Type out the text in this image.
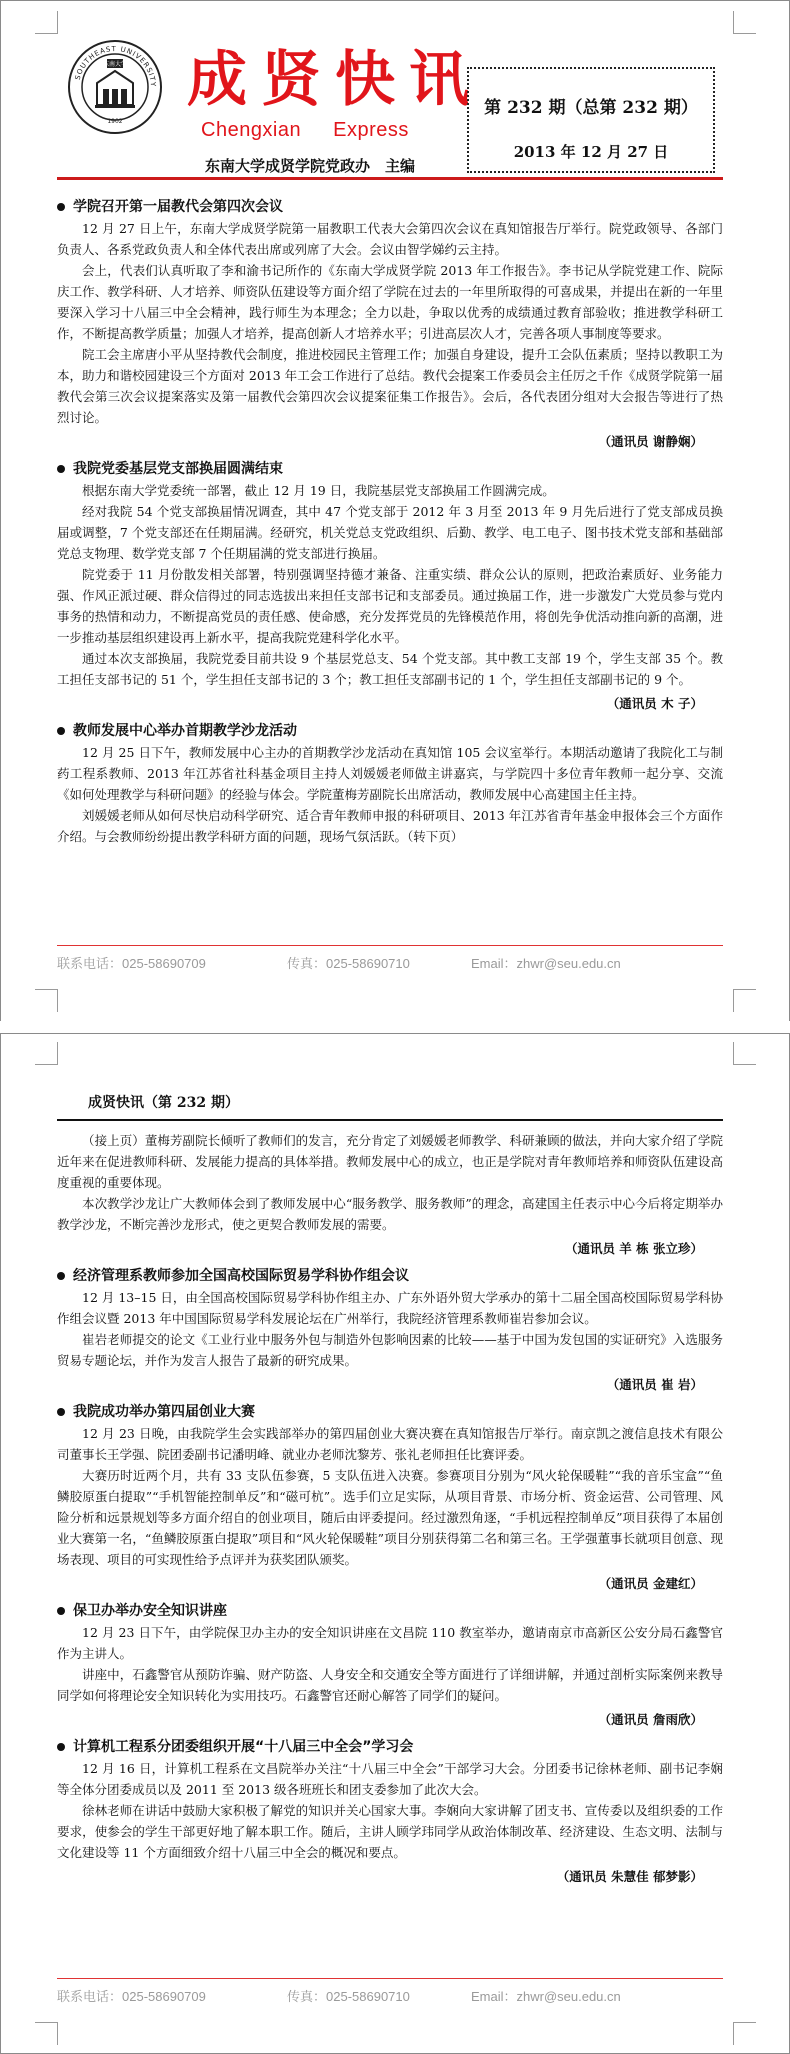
东南大学
SOUTHEAST UNIVERSITY
1902
成贤快讯
Chengxian Express
第 232 期（总第 232 期）
2013 年 12 月 27 日
东南大学成贤学院党政办　主编

学院召开第一届教代会第四次会议

12 月 27 日上午，东南大学成贤学院第一届教职工代表大会第四次会议在真知馆报告厅举行。院党政领导、各部门负责人、各系党政负责人和全体代表出席或列席了大会。会议由智学娣约云主持。

会上，代表们认真听取了李和渝书记所作的《东南大学成贤学院 2013 年工作报告》。李书记从学院党建工作、院际庆工作、教学科研、人才培养、师资队伍建设等方面介绍了学院在过去的一年里所取得的可喜成果，并提出在新的一年里要深入学习十八届三中全会精神，践行师生为本理念；全力以赴，争取以优秀的成绩通过教育部验收；推进教学科研工作，不断提高教学质量；加强人才培养，提高创新人才培养水平；引进高层次人才，完善各项人事制度等要求。

院工会主席唐小平从坚持教代会制度，推进校园民主管理工作；加强自身建设，提升工会队伍素质；坚持以教职工为本，助力和谐校园建设三个方面对 2013 年工会工作进行了总结。教代会提案工作委员会主任厉之千作《成贤学院第一届教代会第三次会议提案落实及第一届教代会第四次会议提案征集工作报告》。会后，各代表团分组对大会报告等进行了热烈讨论。

（通讯员 谢静娴）

我院党委基层党支部换届圆满结束

根据东南大学党委统一部署，截止 12 月 19 日，我院基层党支部换届工作圆满完成。

经对我院 54 个党支部换届情况调查，其中 47 个党支部于 2012 年 3 月至 2013 年 9 月先后进行了党支部成员换届或调整，7 个党支部还在任期届满。经研究，机关党总支党政组织、后勤、教学、电工电子、图书技术党支部和基础部党总支物理、数学党支部 7 个任期届满的党支部进行换届。

院党委于 11 月份散发相关部署，特别强调坚持德才兼备、注重实绩、群众公认的原则，把政治素质好、业务能力强、作风正派过硬、群众信得过的同志选拔出来担任支部书记和支部委员。通过换届工作，进一步激发广大党员参与党内事务的热情和动力，不断提高党员的责任感、使命感，充分发挥党员的先锋模范作用，将创先争优活动推向新的高潮，进一步推动基层组织建设再上新水平，提高我院党建科学化水平。

通过本次支部换届，我院党委目前共设 9 个基层党总支、54 个党支部。其中教工支部 19 个，学生支部 35 个。教工担任支部书记的 51 个，学生担任支部书记的 3 个；教工担任支部副书记的 1 个，学生担任支部副书记的 9 个。

（通讯员 木 子）

教师发展中心举办首期教学沙龙活动

12 月 25 日下午，教师发展中心主办的首期教学沙龙活动在真知馆 105 会议室举行。本期活动邀请了我院化工与制药工程系教师、2013 年江苏省社科基金项目主持人刘媛媛老师做主讲嘉宾，与学院四十多位青年教师一起分享、交流《如何处理教学与科研问题》的经验与体会。学院董梅芳副院长出席活动，教师发展中心高建国主任主持。

刘媛媛老师从如何尽快启动科学研究、适合青年教师申报的科研项目、2013 年江苏省青年基金申报体会三个方面作介绍。与会教师纷纷提出教学科研方面的问题，现场气氛活跃。（转下页）

联系电话：025-58690709	传真：025-58690710	Email：zhwr@seu.edu.cn

（接上页）董梅芳副院长倾听了教师们的发言，充分肯定了刘媛媛老师教学、科研兼顾的做法，并向大家介绍了学院近年来在促进教师科研、发展能力提高的具体举措。教师发展中心的成立，也正是学院对青年教师培养和师资队伍建设高度重视的重要体现。

本次教学沙龙让广大教师体会到了教师发展中心“服务教学、服务教师”的理念，高建国主任表示中心今后将定期举办教学沙龙，不断完善沙龙形式，使之更契合教师发展的需要。

（通讯员 羊 栋 张立珍）

经济管理系教师参加全国高校国际贸易学科协作组会议

12 月 13–15 日，由全国高校国际贸易学科协作组主办、广东外语外贸大学承办的第十二届全国高校国际贸易学科协作组会议暨 2013 年中国国际贸易学科发展论坛在广州举行，我院经济管理系教师崔岩参加会议。

崔岩老师提交的论文《工业行业中服务外包与制造外包影响因素的比较——基于中国为发包国的实证研究》入选服务贸易专题论坛，并作为发言人报告了最新的研究成果。

（通讯员 崔 岩）

我院成功举办第四届创业大赛

12 月 23 日晚，由我院学生会实践部举办的第四届创业大赛决赛在真知馆报告厅举行。南京凯之渡信息技术有限公司董事长王学强、院团委副书记潘明峰、就业办老师沈黎芳、张礼老师担任比赛评委。

大赛历时近两个月，共有 33 支队伍参赛，5 支队伍进入决赛。参赛项目分别为“风火轮保暖鞋”“我的音乐宝盒”“鱼鳞胶原蛋白提取”“手机智能控制单反”和“磁可杭”。选手们立足实际，从项目背景、市场分析、资金运营、公司管理、风险分析和远景规划等多方面介绍自的创业项目，随后由评委提问。经过激烈角逐，“手机远程控制单反”项目获得了本届创业大赛第一名，“鱼鳞胶原蛋白提取”项目和“风火轮保暖鞋”项目分别获得第二名和第三名。王学强董事长就项目创意、现场表现、项目的可实现性给予点评并为获奖团队颁奖。

（通讯员 金建红）

保卫办举办安全知识讲座

12 月 23 日下午，由学院保卫办主办的安全知识讲座在文昌院 110 教室举办，邀请南京市高新区公安分局石鑫警官作为主讲人。

讲座中，石鑫警官从预防诈骗、财产防盗、人身安全和交通安全等方面进行了详细讲解，并通过剖析实际案例来教导同学如何将理论安全知识转化为实用技巧。石鑫警官还耐心解答了同学们的疑问。

（通讯员 詹雨欣）

计算机工程系分团委组织开展“十八届三中全会”学习会

12 月 16 日，计算机工程系在文昌院举办关注“十八届三中全会”干部学习大会。分团委书记徐林老师、副书记李娴等全体分团委成员以及 2011 至 2013 级各班班长和团支委参加了此次大会。

徐林老师在讲话中鼓励大家积极了解党的知识并关心国家大事。李娴向大家讲解了团支书、宣传委以及组织委的工作要求，使参会的学生干部更好地了解本职工作。随后，主讲人顾学玮同学从政治体制改革、经济建设、生态文明、法制与文化建设等 11 个方面细致介绍十八届三中全会的概况和要点。

（通讯员 朱慧佳 郁梦影）

联系电话：025-58690709	传真：025-58690710	Email：zhwr@seu.edu.cn
成贤快讯（第 232 期）
